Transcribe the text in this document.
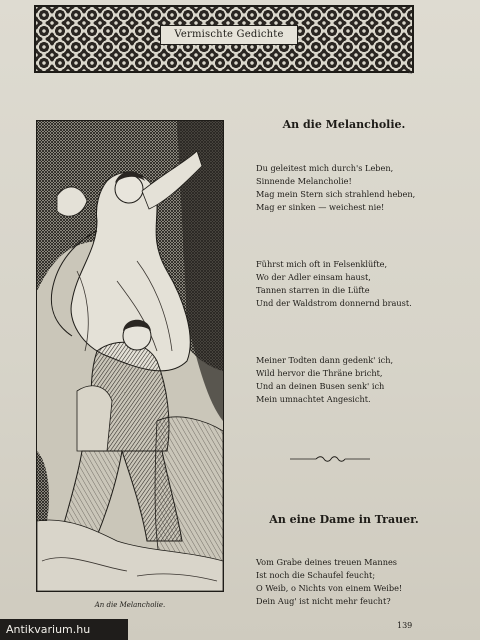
Vermischte Gedichte
~
An die Melancholie.
An die Melancholie.
Du geleitest mich durch's Leben,
Sinnende Melancholie!
Mag mein Stern sich strahlend heben,
Mag er sinken — weichest nie!
Führst mich oft in Felsenklüfte,
Wo der Adler einsam haust,
Tannen starren in die Lüfte
Und der Waldstrom donnernd braust.
Meiner Todten dann gedenk' ich,
Wild hervor die Thräne bricht,
Und an deinen Busen senk' ich
Mein umnachtet Angesicht.
An eine Dame in Trauer.
Vom Grabe deines treuen Mannes
Ist noch die Schaufel feucht;
O Weib, o Nichts von einem Weibe!
Dein Aug' ist nicht mehr feucht?
Antikvarium.hu	139
